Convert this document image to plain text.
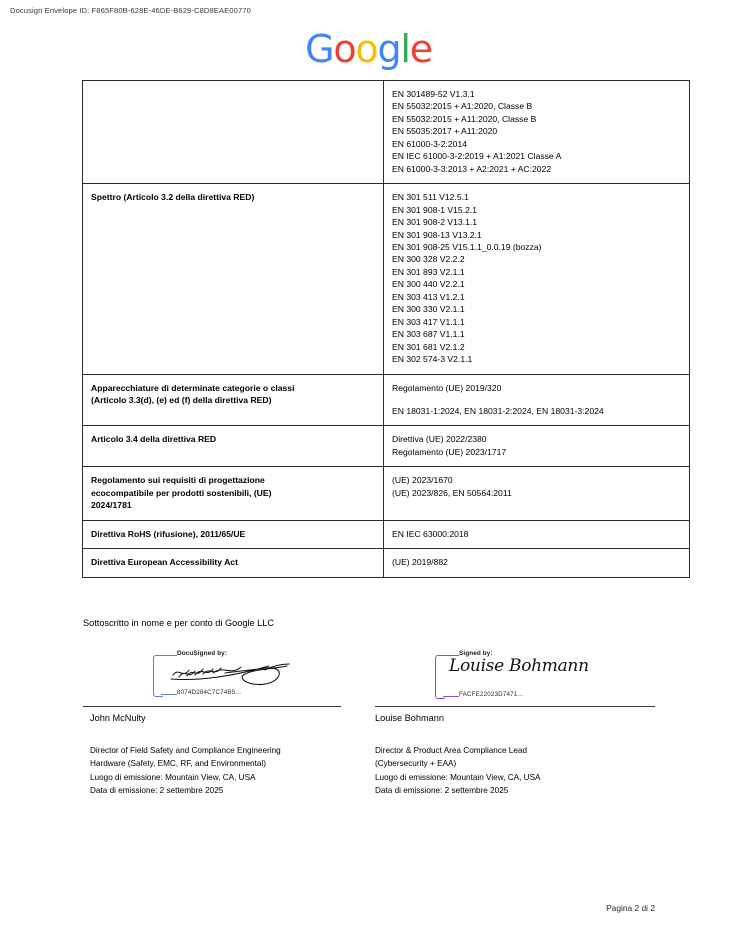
Docusign Envelope ID: F865F80B-628E-46DE-B629-C8D8EAE00770
Google

EN 301489-52 V1.3.1
EN 55032:2015 + A1:2020, Classe B
EN 55032:2015 + A11:2020, Classe B
EN 55035:2017 + A11:2020
EN 61000-3-2:2014
EN IEC 61000-3-2:2019 + A1:2021 Classe A
EN 61000-3-3:2013 + A2:2021 + AC:2022

Spettro (Articolo 3.2 della direttiva RED)	EN 301 511 V12.5.1
EN 301 908-1 V15.2.1
EN 301 908-2 V13.1.1
EN 301 908-13 V13.2.1
EN 301 908-25 V15.1.1_0.0.19 (bozza)
EN 300 328 V2.2.2
EN 301 893 V2.1.1
EN 300 440 V2.2.1
EN 303 413 V1.2.1
EN 300 330 V2.1.1
EN 303 417 V1.1.1
EN 303 687 V1.1.1
EN 301 681 V2.1.2
EN 302 574-3 V2.1.1

Apparecchiature di determinate categorie o classi
(Articolo 3.3(d), (e) ed (f) della direttiva RED)	Regolamento (UE) 2019/320
EN 18031-1:2024, EN 18031-2:2024, EN 18031-3:2024

Articolo 3.4 della direttiva RED	Direttiva (UE) 2022/2380
Regolamento (UE) 2023/1717

Regolamento sui requisiti di progettazione
ecocompatibile per prodotti sostenibili, (UE)
2024/1781	(UE) 2023/1670
(UE) 2023/826, EN 50564:2011

Direttiva RoHS (rifusione), 2011/65/UE	EN IEC 63000:2018

Direttiva European Accessibility Act	(UE) 2019/882
Sottoscritto in nome e per conto di Google LLC
DocuSigned by:
8074D284C7C74B5...
Signed by:
Louise Bohmann
FACFE22023D7471...
John McNulty	Louise Bohmann
Director of Field Safety and Compliance Engineering
Hardware (Safety, EMC, RF, and Environmental)
Luogo di emissione: Mountain View, CA, USA
Data di emissione: 2 settembre 2025
Director & Product Area Compliance Lead
(Cybersecurity + EAA)
Luogo di emissione: Mountain View, CA, USA
Data di emissione: 2 settembre 2025
Pagina 2 di 2
